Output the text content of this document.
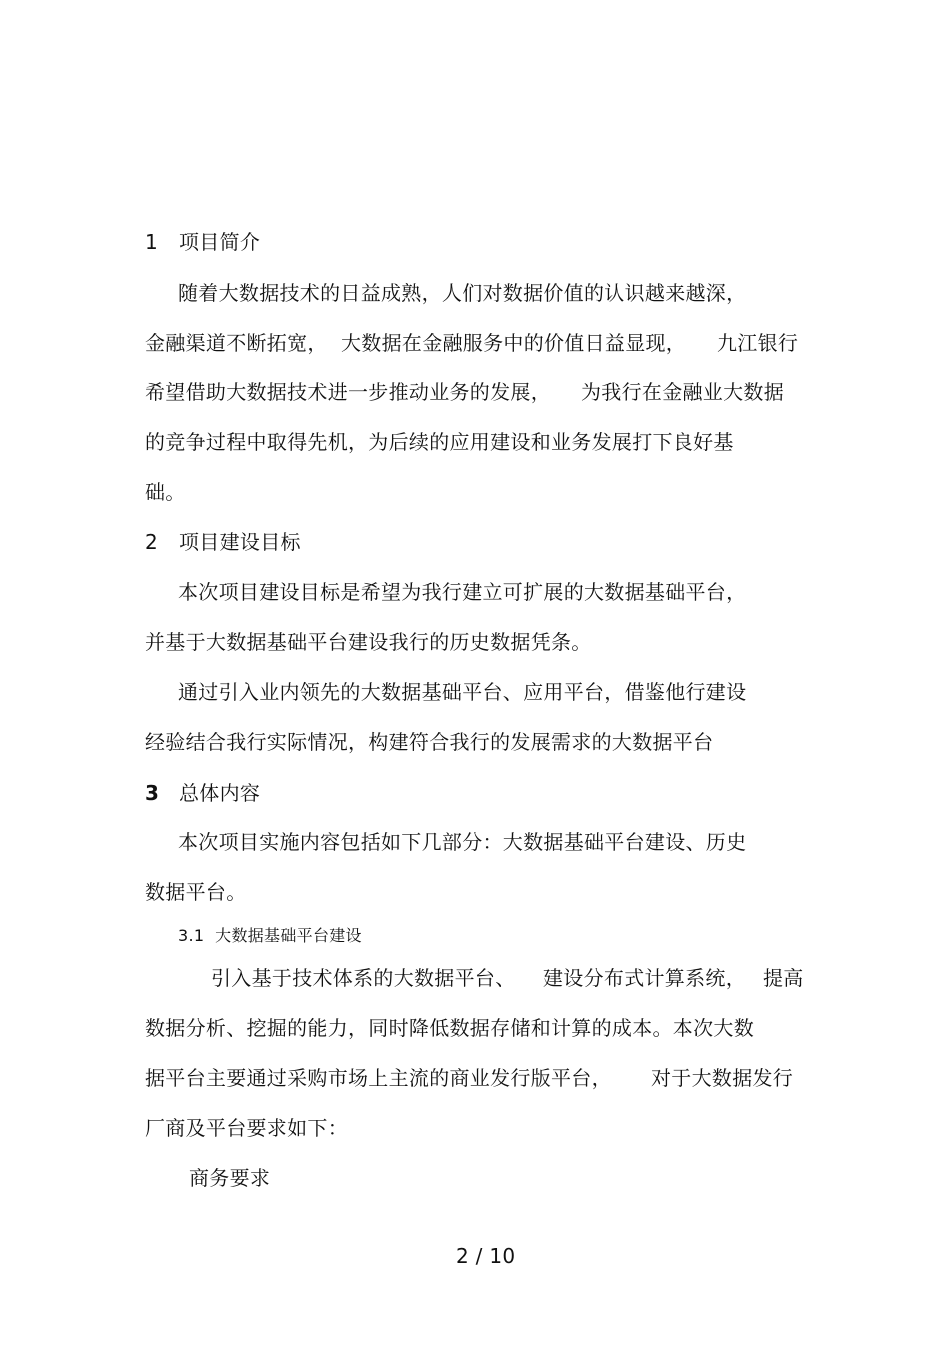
1 项目简介
随着大数据技术的日益成熟，人们对数据价值的认识越来越深，
金融渠道不断拓宽， 大数据在金融服务中的价值日益显现， 九江银行
希望借助大数据技术进一步推动业务的发展， 为我行在金融业大数据
的竞争过程中取得先机，为后续的应用建设和业务发展打下良好基
础。
2 项目建设目标
本次项目建设目标是希望为我行建立可扩展的大数据基础平台，
并基于大数据基础平台建设我行的历史数据凭条。
通过引入业内领先的大数据基础平台、应用平台，借鉴他行建设
经验结合我行实际情况，构建符合我行的发展需求的大数据平台
3 总体内容
本次项目实施内容包括如下几部分：大数据基础平台建设、历史
数据平台。
3.1 大数据基础平台建设
引入基于技术体系的大数据平台、 建设分布式计算系统， 提高
数据分析、挖掘的能力，同时降低数据存储和计算的成本。本次大数
据平台主要通过采购市场上主流的商业发行版平台， 对于大数据发行
厂商及平台要求如下：
商务要求
2 / 10
